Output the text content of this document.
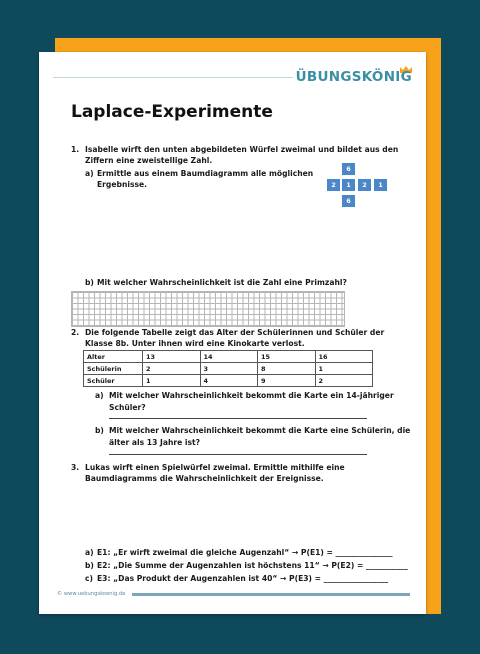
ÜBUNGSKÖNIG
Laplace-Experimente
1. Isabelle wirft den unten abgebildeten Würfel zweimal und bildet aus den
Ziffern eine zweistellige Zahl.
a) Ermittle aus einem Baumdiagramm alle möglichen
Ergebnisse.
6
2	1	2	1
6
b) Mit welcher Wahrscheinlichkeit ist die Zahl eine Primzahl?
2. Die folgende Tabelle zeigt das Alter der Schülerinnen und Schüler der
Klasse 8b. Unter ihnen wird eine Kinokarte verlost.
Alter	13	14	15	16
Schülerin	2	3	8	1
Schüler	1	4	9	2
a) Mit welcher Wahrscheinlichkeit bekommt die Karte ein 14-jähriger
Schüler?
b) Mit welcher Wahrscheinlichkeit bekommt die Karte eine Schülerin, die
älter als 13 Jahre ist?
3. Lukas wirft einen Spielwürfel zweimal. Ermittle mithilfe eine
Baumdiagramms die Wahrscheinlichkeit der Ereignisse.
a) E1: „Er wirft zweimal die gleiche Augenzahl“ → P(E1) = _______________
b) E2: „Die Summe der Augenzahlen ist höchstens 11“ → P(E2) = ___________
c) E3: „Das Produkt der Augenzahlen ist 40“ → P(E3) = _________________
© www.uebungskoenig.de
